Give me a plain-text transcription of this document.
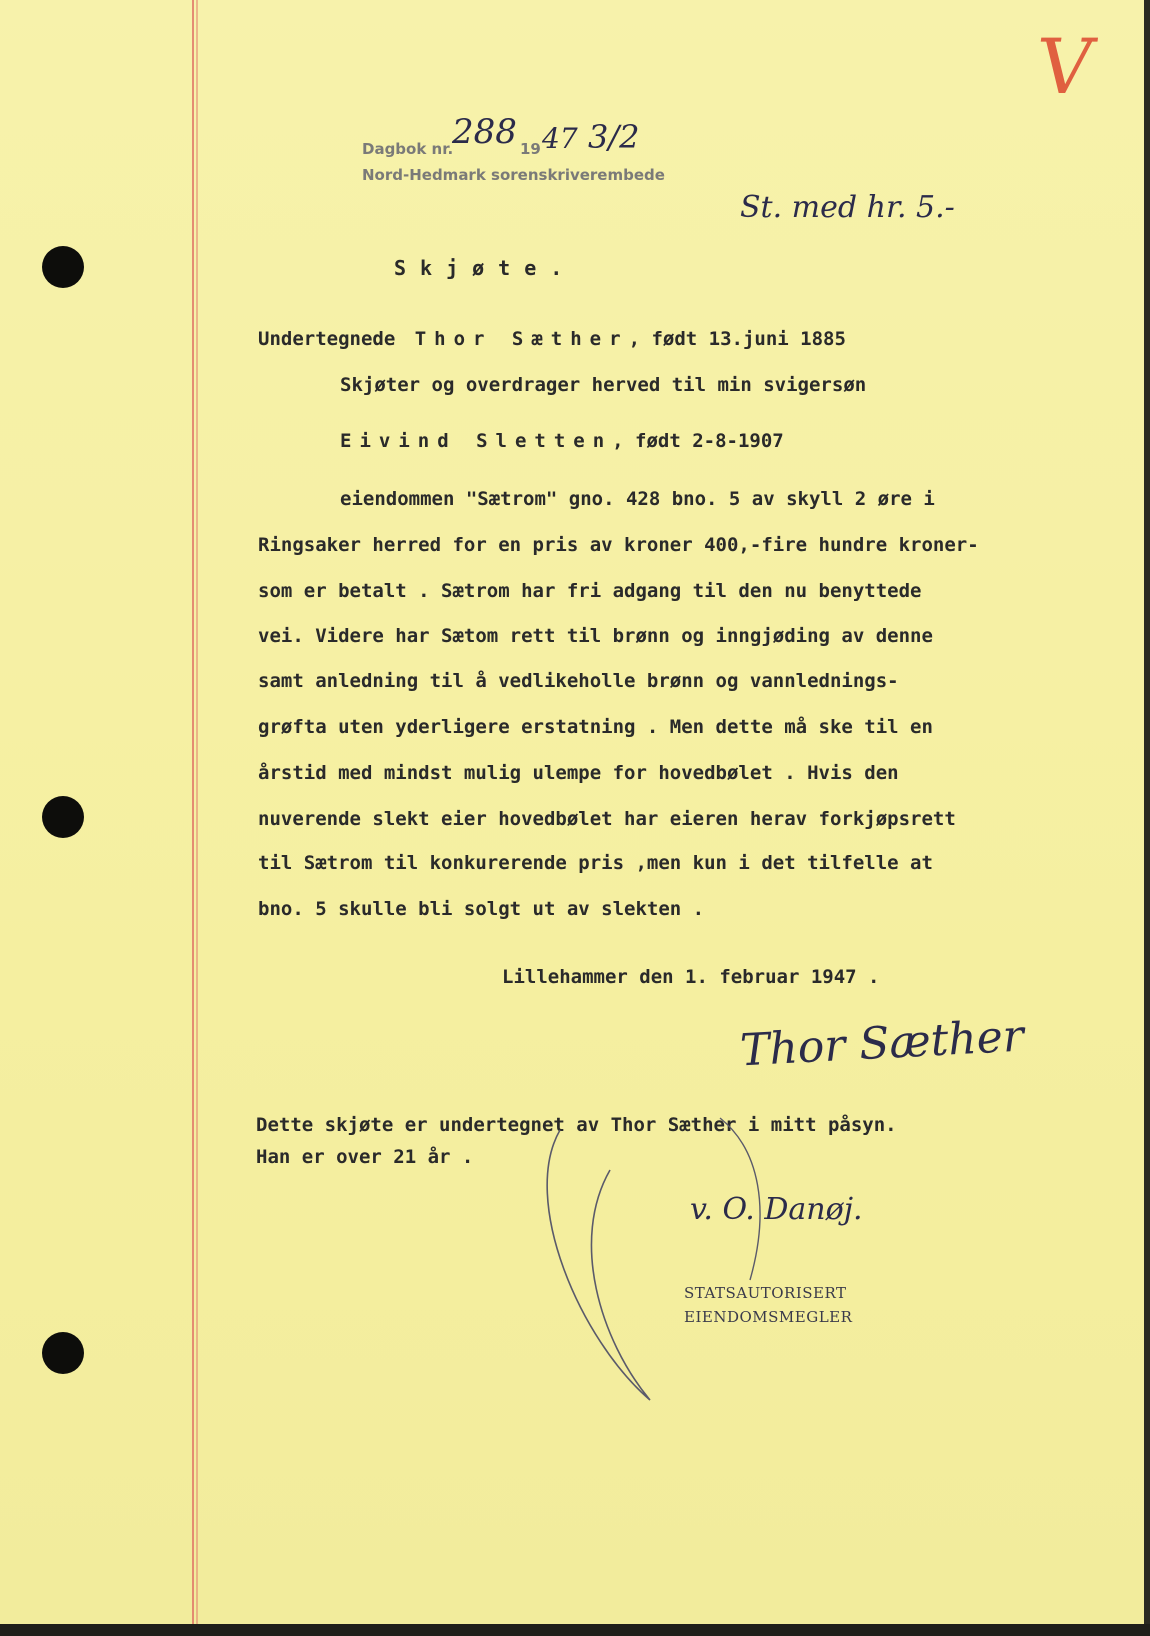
Dagbok nr.
288 19 47 3/2
Nord-Hedmark sorenskriverembede
V
St. med hr. 5.-
Skjøte.
Undertegnede Thor Sæther, født 13.juni 1885
Skjøter og overdrager herved til min svigersøn
Eivind Sletten, født 2-8-1907
eiendommen "Sætrom" gno. 428 bno. 5 av skyll 2 øre i
Ringsaker herred for en pris av kroner 400,-fire hundre kroner-
som er betalt . Sætrom har fri adgang til den nu benyttede
vei. Videre har Sætom rett til brønn og inngjøding av denne
samt anledning til å vedlikeholle brønn og vannlednings-
grøfta uten yderligere erstatning . Men dette må ske til en
årstid med mindst mulig ulempe for hovedbølet . Hvis den
nuverende slekt eier hovedbølet har eieren herav forkjøpsrett
til Sætrom til konkurerende pris ,men kun i det tilfelle at
bno. 5 skulle bli solgt ut av slekten .
Lillehammer den 1. februar 1947 .
Thor Sæther
Dette skjøte er undertegnet av Thor Sæther i mitt påsyn.
Han er over 21 år .
v. O. Danøj.
STATSAUTORISERT
EIENDOMSMEGLER
